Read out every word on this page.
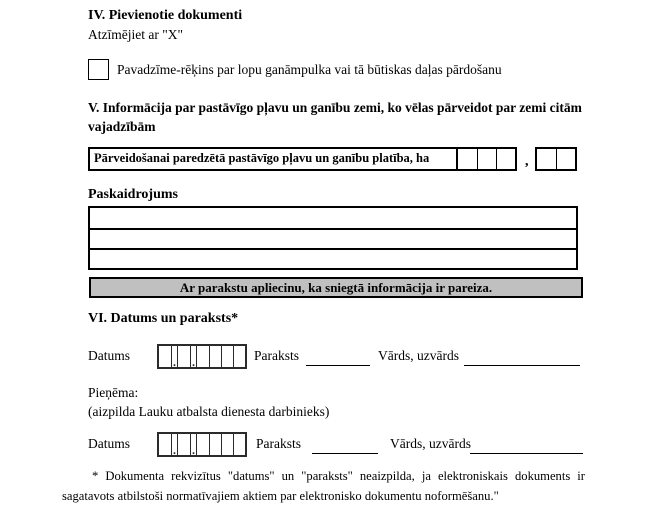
IV. Pievienotie dokumenti
Atzīmējiet ar "X"
Pavadzīme-rēķins par lopu ganāmpulka vai tā būtiskas daļas pārdošanu
V. Informācija par pastāvīgo pļavu un ganību zemi, ko vēlas pārveidot par zemi citām vajadzībām
Pārveidošanai paredzētā pastāvīgo pļavu un ganību platība, ha	,
Paskaidrojums
Ar parakstu apliecinu, ka sniegtā informācija ir pareiza.
VI. Datums un paraksts*
Datums	. .	Paraksts	Vārds, uzvārds
Pieņēma:
(aizpilda Lauku atbalsta dienesta darbinieks)
Datums	. .	Paraksts	Vārds, uzvārds
* Dokumenta rekvizītus "datums" un "paraksts" neaizpilda, ja elektroniskais dokuments ir sagatavots atbilstoši normatīvajiem aktiem par elektronisko dokumentu noformēšanu."
